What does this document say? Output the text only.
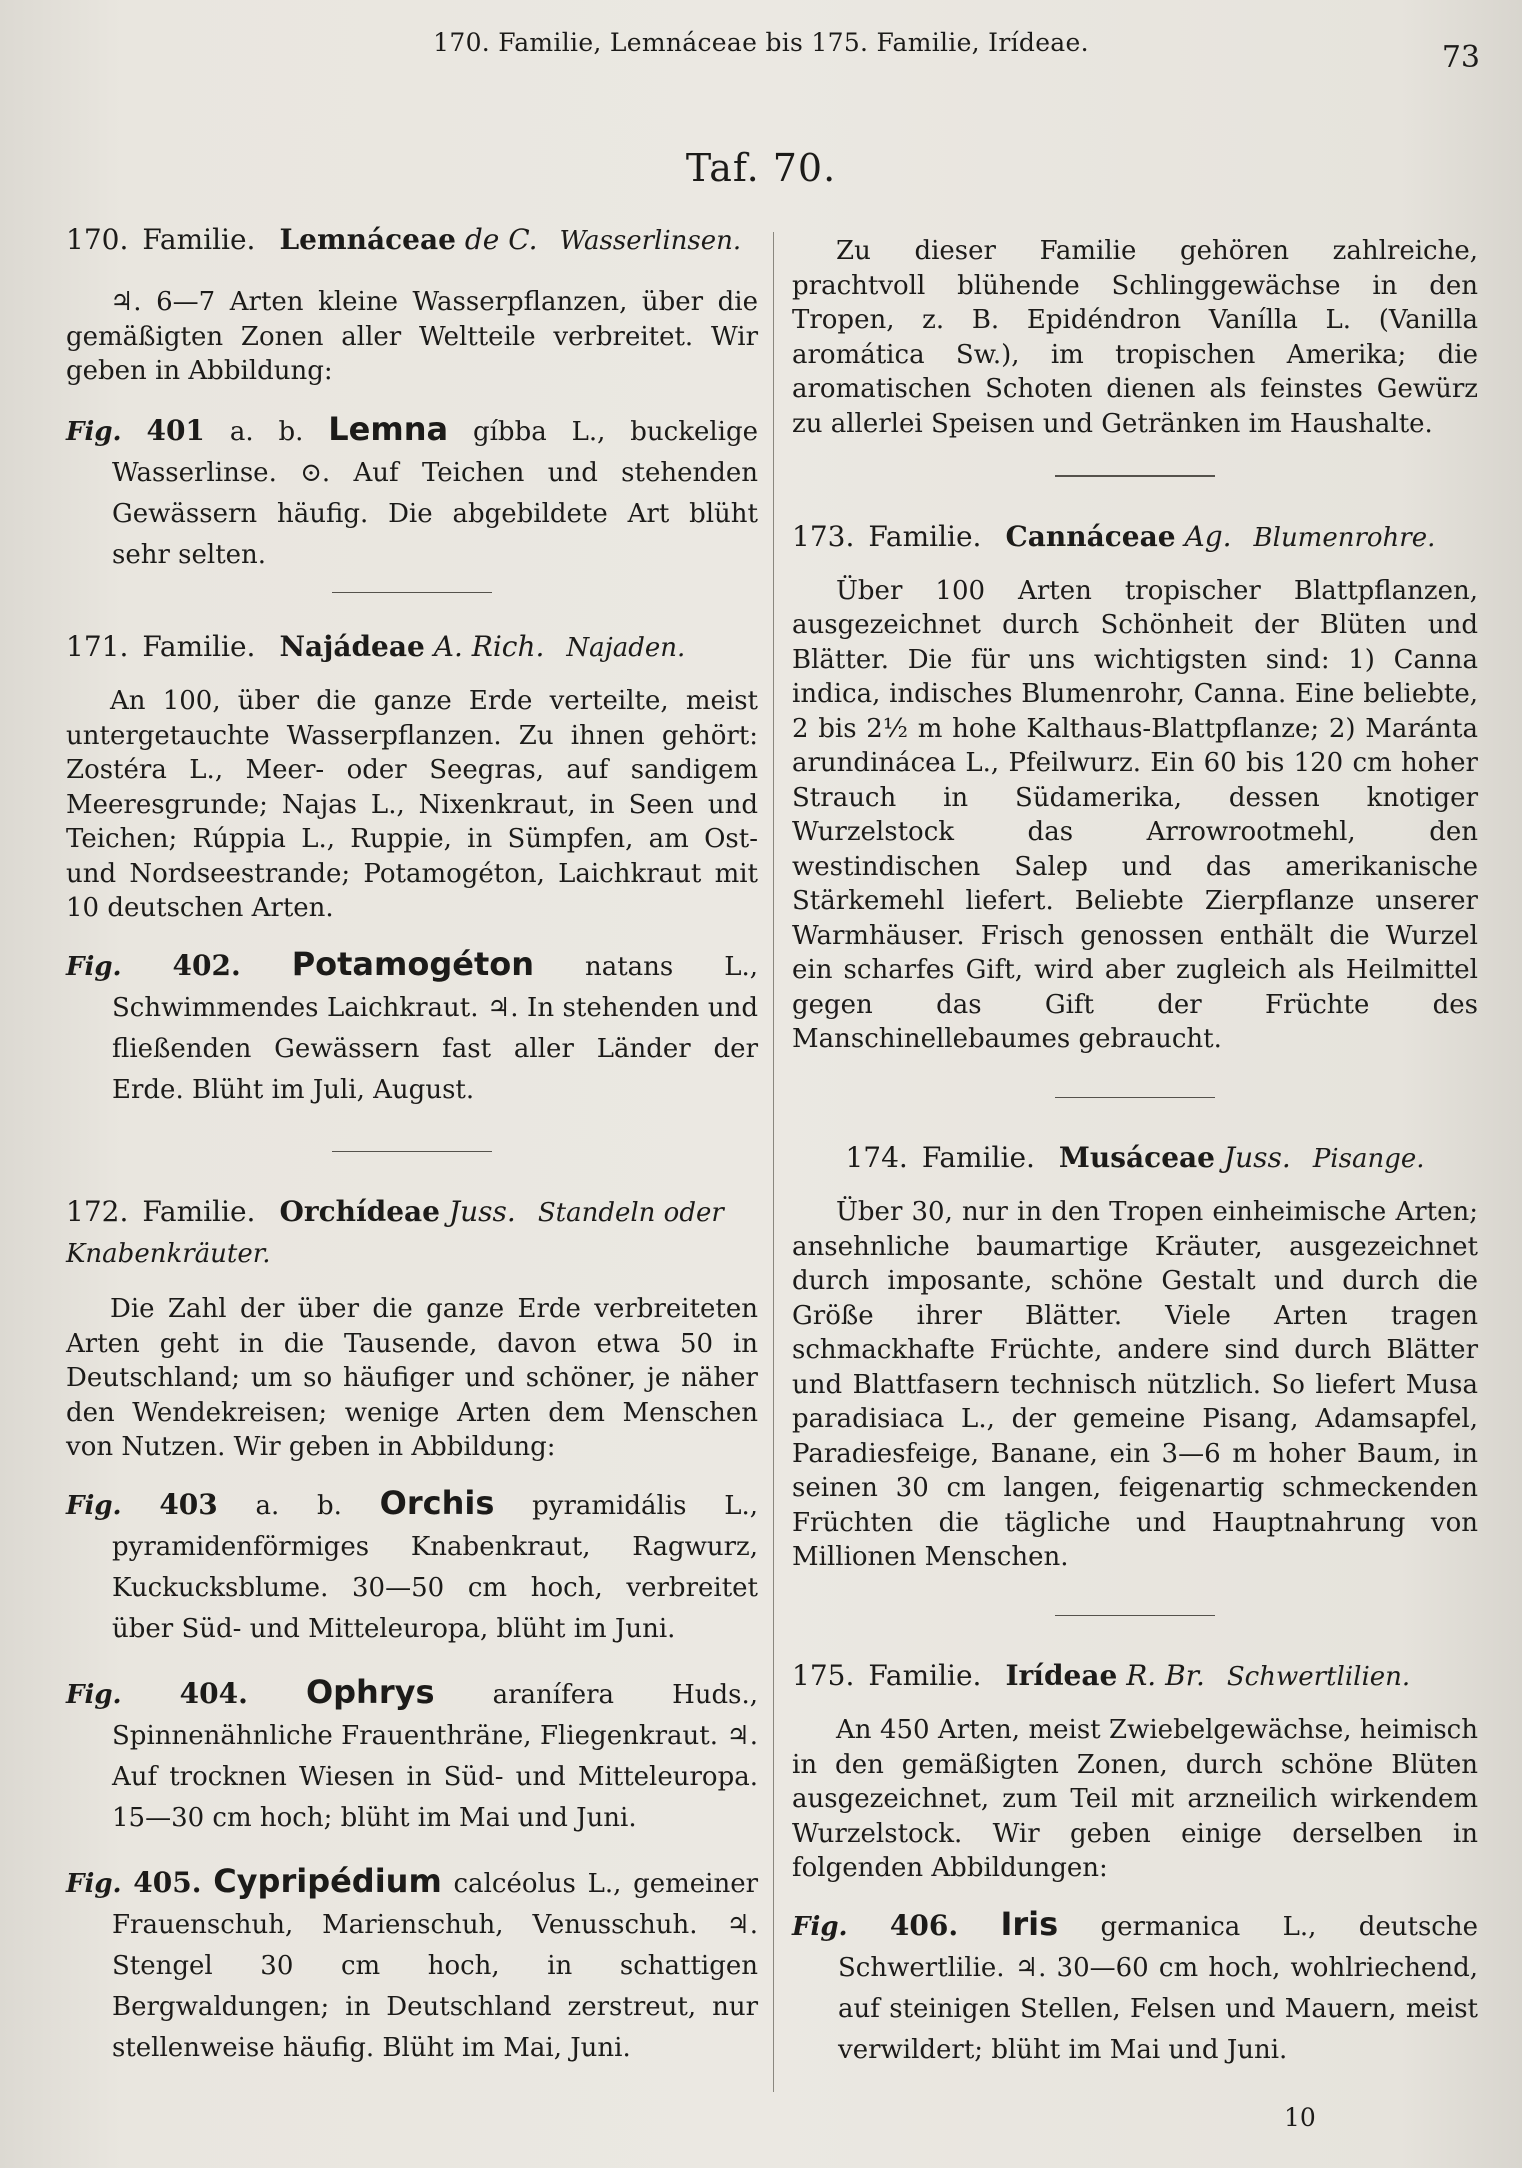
170. Familie, Lemnáceae bis 175. Familie, Irídeae.	73
Taf. 70.

170. Familie. Lemnáceae de C. Wasserlinsen.

♃. 6—7 Arten kleine Wasserpflanzen, über die gemäßigten Zonen aller Weltteile verbreitet. Wir geben in Abbildung:

Fig. 401 a. b. Lemna gíbba L., buckelige Wasserlinse. ⊙. Auf Teichen und stehenden Gewässern häufig. Die abgebildete Art blüht sehr selten.

171. Familie. Najádeae A. Rich. Najaden.

An 100, über die ganze Erde verteilte, meist untergetauchte Wasserpflanzen. Zu ihnen gehört: Zostéra L., Meer- oder Seegras, auf sandigem Meeresgrunde; Najas L., Nixenkraut, in Seen und Teichen; Rúppia L., Ruppie, in Sümpfen, am Ost- und Nordseestrande; Potamogéton, Laichkraut mit 10 deutschen Arten.

Fig. 402. Potamogéton natans L., Schwimmendes Laichkraut. ♃. In stehenden und fließenden Gewässern fast aller Länder der Erde. Blüht im Juli, August.

172. Familie. Orchídeae Juss. Standeln oder Knabenkräuter.

Die Zahl der über die ganze Erde verbreiteten Arten geht in die Tausende, davon etwa 50 in Deutschland; um so häufiger und schöner, je näher den Wendekreisen; wenige Arten dem Menschen von Nutzen. Wir geben in Abbildung:

Fig. 403 a. b. Orchis pyramidális L., pyramidenförmiges Knabenkraut, Ragwurz, Kuckucksblume. 30—50 cm hoch, verbreitet über Süd- und Mitteleuropa, blüht im Juni.

Fig. 404. Ophrys aranífera Huds., Spinnenähnliche Frauenthräne, Fliegenkraut. ♃. Auf trocknen Wiesen in Süd- und Mitteleuropa. 15—30 cm hoch; blüht im Mai und Juni.

Fig. 405. Cypripédium calcéolus L., gemeiner Frauenschuh, Marienschuh, Venusschuh. ♃. Stengel 30 cm hoch, in schattigen Bergwaldungen; in Deutschland zerstreut, nur stellenweise häufig. Blüht im Mai, Juni.

Zu dieser Familie gehören zahlreiche, prachtvoll blühende Schlinggewächse in den Tropen, z. B. Epidéndron Vanílla L. (Vanilla aromática Sw.), im tropischen Amerika; die aromatischen Schoten dienen als feinstes Gewürz zu allerlei Speisen und Getränken im Haushalte.

173. Familie. Cannáceae Ag. Blumenrohre.

Über 100 Arten tropischer Blattpflanzen, ausgezeichnet durch Schönheit der Blüten und Blätter. Die für uns wichtigsten sind: 1) Canna indica, indisches Blumenrohr, Canna. Eine beliebte, 2 bis 2½ m hohe Kalthaus-Blattpflanze; 2) Maránta arundinácea L., Pfeilwurz. Ein 60 bis 120 cm hoher Strauch in Südamerika, dessen knotiger Wurzelstock das Arrowrootmehl, den westindischen Salep und das amerikanische Stärkemehl liefert. Beliebte Zierpflanze unserer Warmhäuser. Frisch genossen enthält die Wurzel ein scharfes Gift, wird aber zugleich als Heilmittel gegen das Gift der Früchte des Manschinellebaumes gebraucht.

174. Familie. Musáceae Juss. Pisange.

Über 30, nur in den Tropen einheimische Arten; ansehnliche baumartige Kräuter, ausgezeichnet durch imposante, schöne Gestalt und durch die Größe ihrer Blätter. Viele Arten tragen schmackhafte Früchte, andere sind durch Blätter und Blattfasern technisch nützlich. So liefert Musa paradisiaca L., der gemeine Pisang, Adamsapfel, Paradiesfeige, Banane, ein 3—6 m hoher Baum, in seinen 30 cm langen, feigenartig schmeckenden Früchten die tägliche und Hauptnahrung von Millionen Menschen.

175. Familie. Irídeae R. Br. Schwertlilien.

An 450 Arten, meist Zwiebelgewächse, heimisch in den gemäßigten Zonen, durch schöne Blüten ausgezeichnet, zum Teil mit arzneilich wirkendem Wurzelstock. Wir geben einige derselben in folgenden Abbildungen:

Fig. 406. Iris germanica L., deutsche Schwertlilie. ♃. 30—60 cm hoch, wohlriechend, auf steinigen Stellen, Felsen und Mauern, meist verwildert; blüht im Mai und Juni.

10
